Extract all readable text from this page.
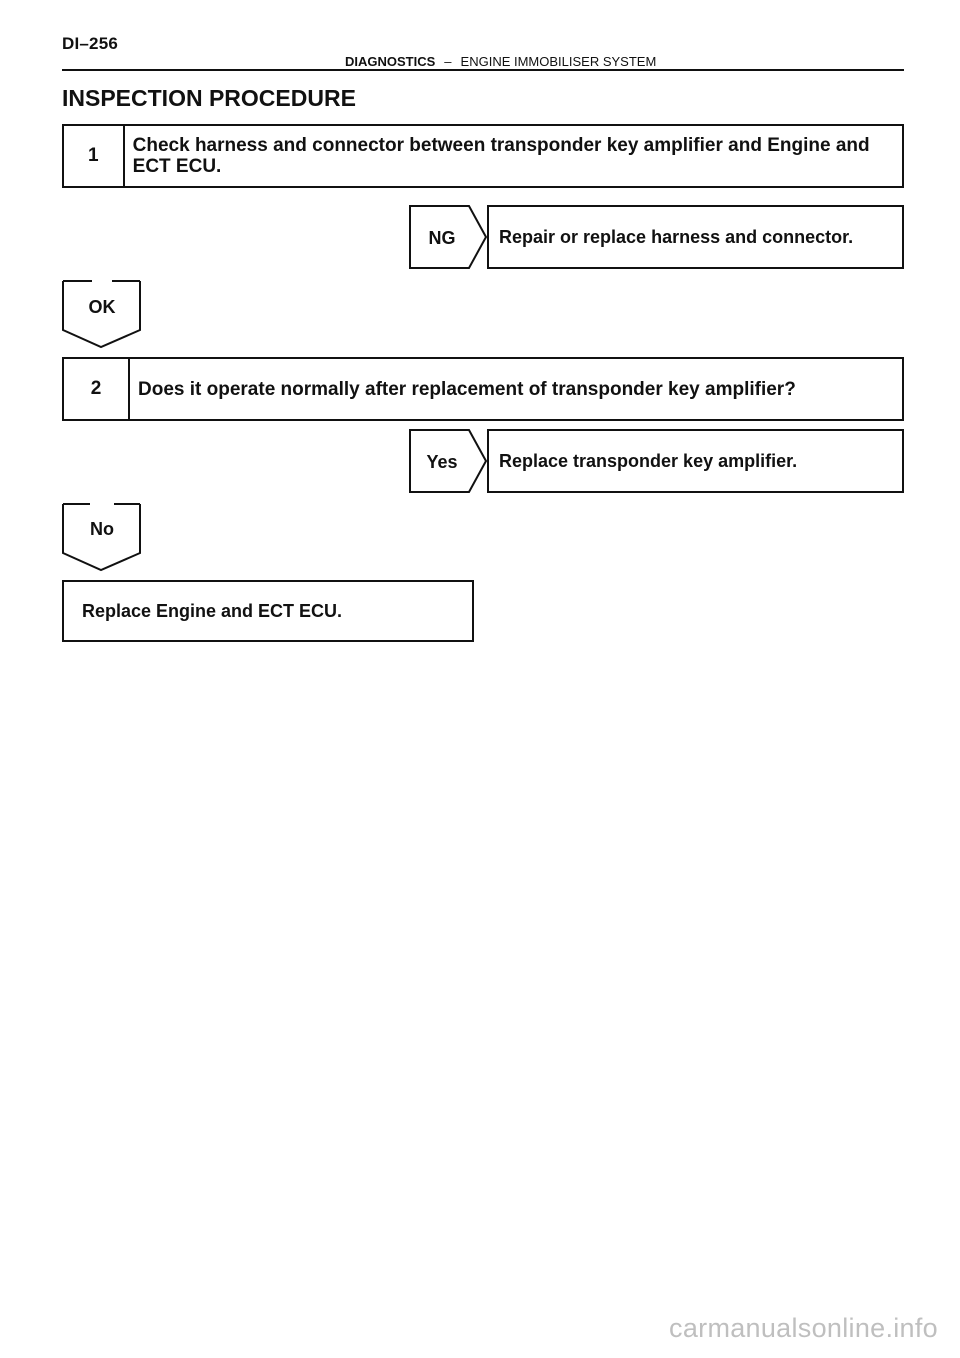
DI–256
DIAGNOSTICS – ENGINE IMMOBILISER SYSTEM
INSPECTION PROCEDURE
1	Check harness and connector between transponder key amplifier and Engine and ECT ECU.
NG	Repair or replace harness and connector.
OK
2	Does it operate normally after replacement of transponder key amplifier?
Yes	Replace transponder key amplifier.
No
Replace Engine and ECT ECU.
carmanualsonline.info
